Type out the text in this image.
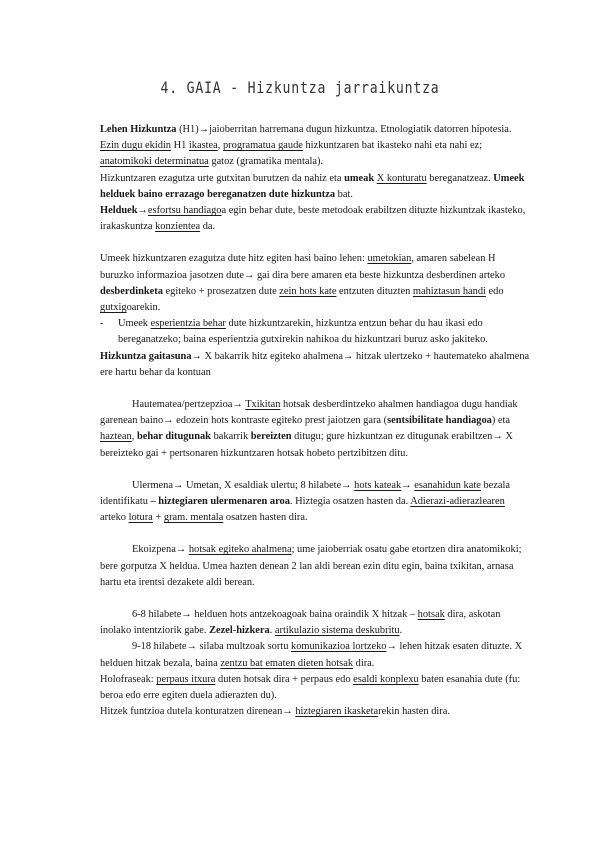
4. GAIA - Hizkuntza jarraikuntza

Lehen Hizkuntza (H1)→jaioberritan harremana dugun hizkuntza. Etnologiatik datorren hipotesia. Ezin dugu ekidin H1 ikastea, programatua gaude hizkuntzaren bat ikasteko nahi eta nahi ez; anatomikoki determinatua gatoz (gramatika mentala).

Hizkuntzaren ezagutza urte gutxitan burutzen da nahiz eta umeak X konturatu bereganatzeaz. Umeek helduek baino errazago bereganatzen dute hizkuntza bat.

Helduek→esfortsu handiagoa egin behar dute, beste metodoak erabiltzen dituzte hizkuntzak ikasteko, irakaskuntza konzientea da.

Umeek hizkuntzaren ezagutza dute hitz egiten hasi baino lehen: umetokian, amaren sabelean H buruzko informazioa jasotzen dute→ gai dira bere amaren eta beste hizkuntza desberdinen arteko desberdinketa egiteko + prosezatzen dute zein hots kate entzuten dituzten mahiztasun handi edo gutxigoarekin.

-	Umeek esperientzia behar dute hizkuntzarekin, hizkuntza entzun behar du hau ikasi edo bereganatzeko; baina esperientzia gutxirekin nahikoa du hizkuntzari buruz asko jakiteko.

Hizkuntza gaitasuna→ X bakarrik hitz egiteko ahalmena→ hitzak ulertzeko + hautemateko ahalmena ere hartu behar da kontuan

Hautematea/pertzepzioa→ Txikitan hotsak desberdintzeko ahalmen handiagoa dugu handiak garenean baino→ edozein hots kontraste egiteko prest jaiotzen gara (sentsibilitate handiagoa) eta haztean, behar ditugunak bakarrik bereizten ditugu; gure hizkuntzan ez ditugunak erabiltzen→ X bereizteko gai + pertsonaren hizkuntzaren hotsak hobeto pertzibitzen ditu.

Ulermena→ Umetan, X esaldiak ulertu; 8 hilabete→ hots kateak→ esanahidun kate bezala identifikatu – hiztegiaren ulermenaren aroa. Hiztegia osatzen hasten da. Adierazi-adierazlearen arteko lotura + gram. mentala osatzen hasten dira.

Ekoizpena→ hotsak egiteko ahalmena; ume jaioberriak osatu gabe etortzen dira anatomikoki; bere gorputza X heldua. Umea hazten denean 2 lan aldi berean ezin ditu egin, baina txikitan, arnasa hartu eta irentsi dezakete aldi berean.

6-8 hilabete→ helduen hots antzekoagoak baina oraindik X hitzak – hotsak dira, askotan inolako intentziorik gabe. Zezel-hizkera. artikulazio sistema deskubritu.

9-18 hilabete→ silaba multzoak sortu komunikazioa lortzeko→ lehen hitzak esaten dituzte. X helduen hitzak bezala, baina zentzu bat ematen dieten hotsak dira.

Holofraseak: perpaus itxura duten hotsak dira + perpaus edo esaldi konplexu baten esanahia dute (fu: beroa edo erre egiten duela adierazten du).

Hitzek funtzioa dutela konturatzen direnean→ hiztegiaren ikasketarekin hasten dira.
